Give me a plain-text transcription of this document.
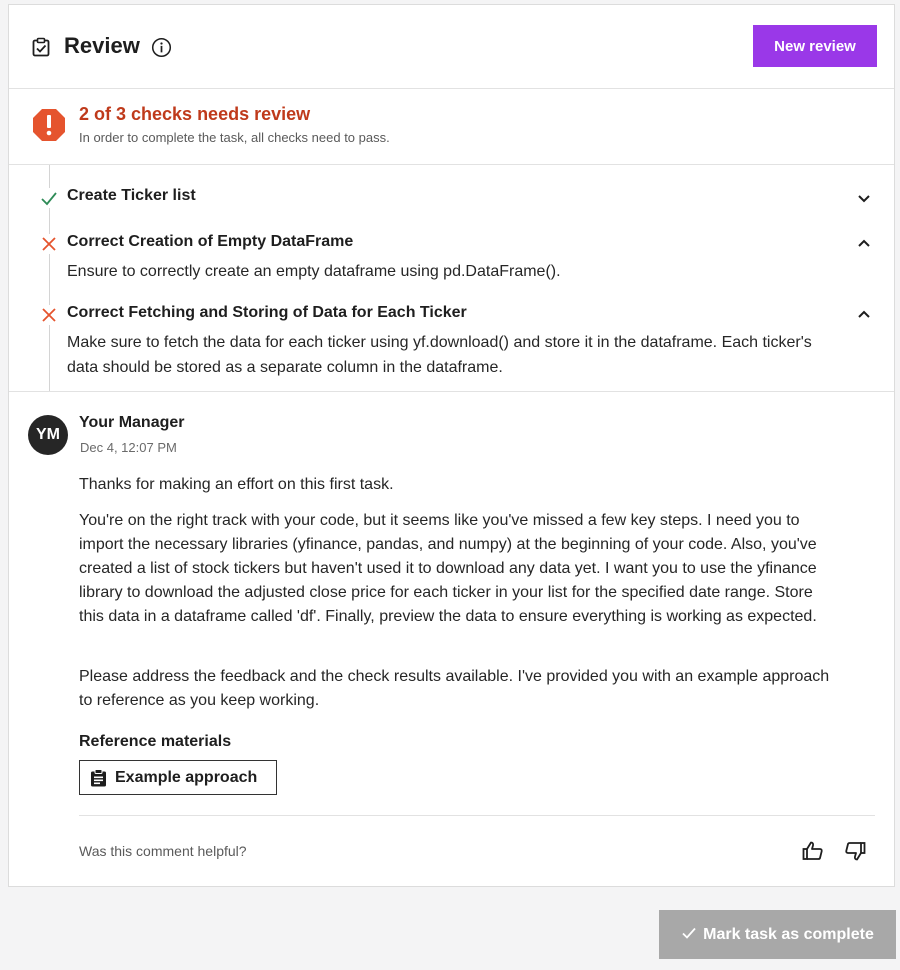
Review	New review
2 of 3 checks needs review
In order to complete the task, all checks need to pass.
Create Ticker list
Correct Creation of Empty DataFrame
Ensure to correctly create an empty dataframe using pd.DataFrame().
Correct Fetching and Storing of Data for Each Ticker
Make sure to fetch the data for each ticker using yf.download() and store it in the dataframe. Each ticker's data should be stored as a separate column in the dataframe.
YM
Your Manager
Dec 4, 12:07 PM

Thanks for making an effort on this first task.

You're on the right track with your code, but it seems like you've missed a few key steps. I need you to import the necessary libraries (yfinance, pandas, and numpy) at the beginning of your code. Also, you've created a list of stock tickers but haven't used it to download any data yet. I want you to use the yfinance library to download the adjusted close price for each ticker in your list for the specified date range. Store this data in a dataframe called 'df'. Finally, preview the data to ensure everything is working as expected.

Please address the feedback and the check results available. I've provided you with an example approach to reference as you keep working.

Reference materials
Example approach
Was this comment helpful?
Mark task as complete
